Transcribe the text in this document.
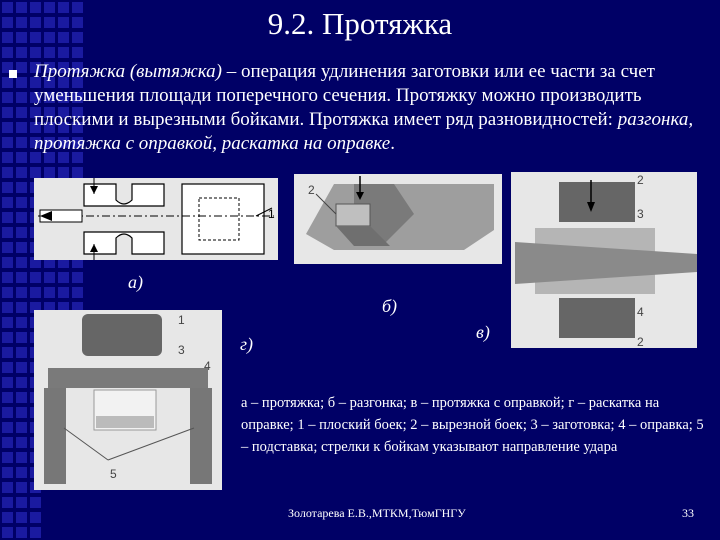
9.2. Протяжка
Протяжка (вытяжка) – операция удлинения заготовки или ее части за счет уменьшения площади поперечного сечения. Протяжку можно производить плоскими и вырезными бойками. Протяжка имеет ряд разновидностей: разгонка, протяжка с оправкой, раскатка на оправке.
1
а)
2
б)
2
3
4
2
в)
1
3
4
5
г)
а – протяжка; б – разгонка; в – протяжка с оправкой; г – раскатка на оправке; 1 – плоский боек; 2 – вырезной боек; 3 – заготовка; 4 – оправка; 5 – подставка; стрелки к бойкам указывают направление удара
Золотарева Е.В.,МТКМ,ТюмГНГУ	33
